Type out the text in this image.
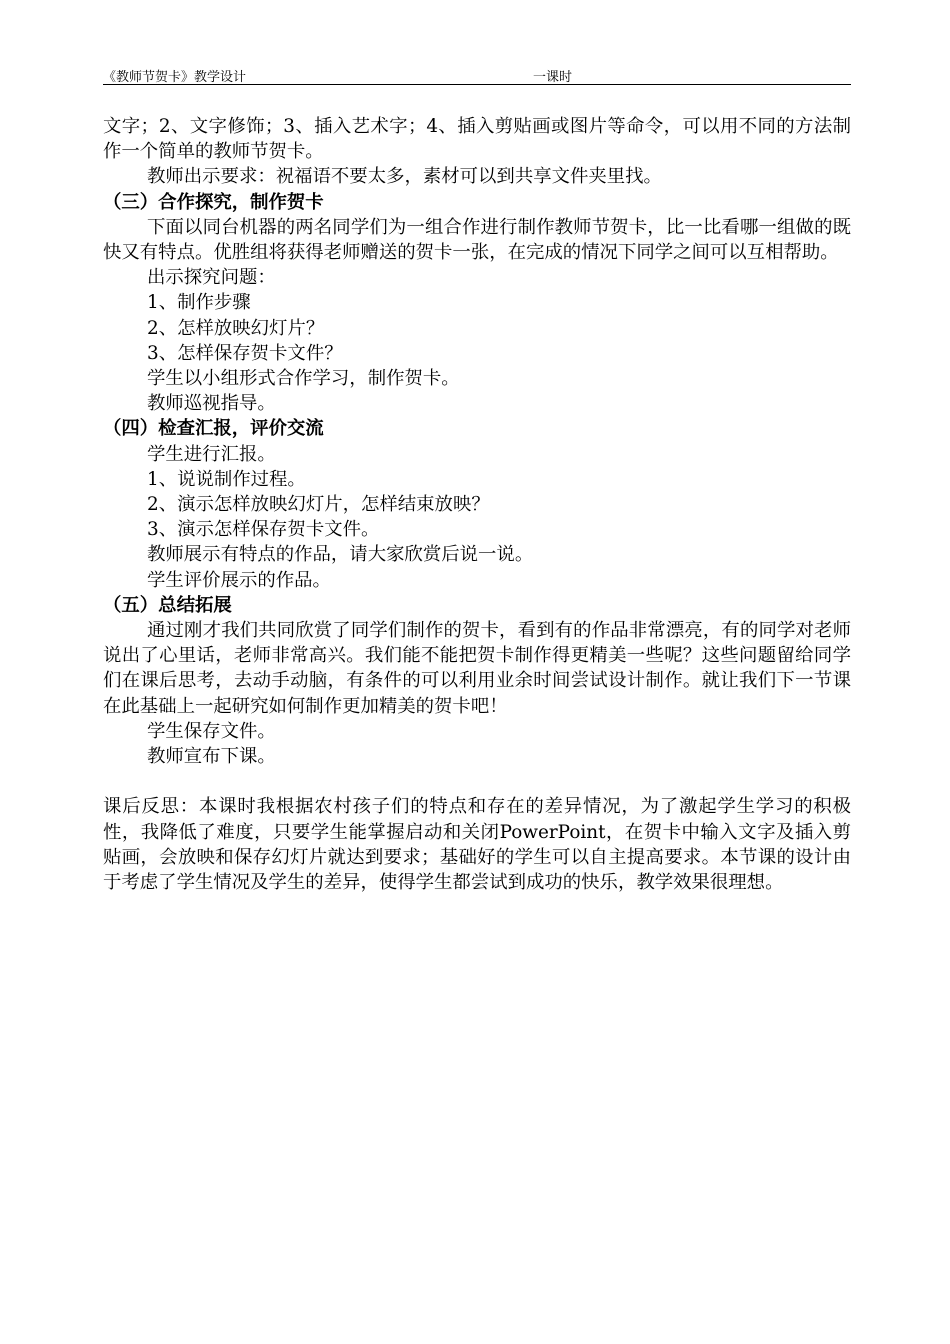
《教师节贺卡》教学设计	一课时

文字；2、文字修饰；3、插入艺术字；4、插入剪贴画或图片等命令，可以用不同的方法制作一个简单的教师节贺卡。

教师出示要求：祝福语不要太多，素材可以到共享文件夹里找。

（三）合作探究，制作贺卡

下面以同台机器的两名同学们为一组合作进行制作教师节贺卡，比一比看哪一组做的既快又有特点。优胜组将获得老师赠送的贺卡一张，在完成的情况下同学之间可以互相帮助。

出示探究问题：

1、制作步骤

2、怎样放映幻灯片？

3、怎样保存贺卡文件？

学生以小组形式合作学习，制作贺卡。

教师巡视指导。

（四）检查汇报，评价交流

学生进行汇报。

1、说说制作过程。

2、演示怎样放映幻灯片，怎样结束放映？

3、演示怎样保存贺卡文件。

教师展示有特点的作品，请大家欣赏后说一说。

学生评价展示的作品。

（五）总结拓展

通过刚才我们共同欣赏了同学们制作的贺卡，看到有的作品非常漂亮，有的同学对老师说出了心里话，老师非常高兴。我们能不能把贺卡制作得更精美一些呢？这些问题留给同学们在课后思考，去动手动脑，有条件的可以利用业余时间尝试设计制作。就让我们下一节课在此基础上一起研究如何制作更加精美的贺卡吧！

学生保存文件。

教师宣布下课。

课后反思：本课时我根据农村孩子们的特点和存在的差异情况，为了激起学生学习的积极性，我降低了难度，只要学生能掌握启动和关闭PowerPoint，在贺卡中输入文字及插入剪贴画，会放映和保存幻灯片就达到要求；基础好的学生可以自主提高要求。本节课的设计由于考虑了学生情况及学生的差异，使得学生都尝试到成功的快乐，教学效果很理想。
